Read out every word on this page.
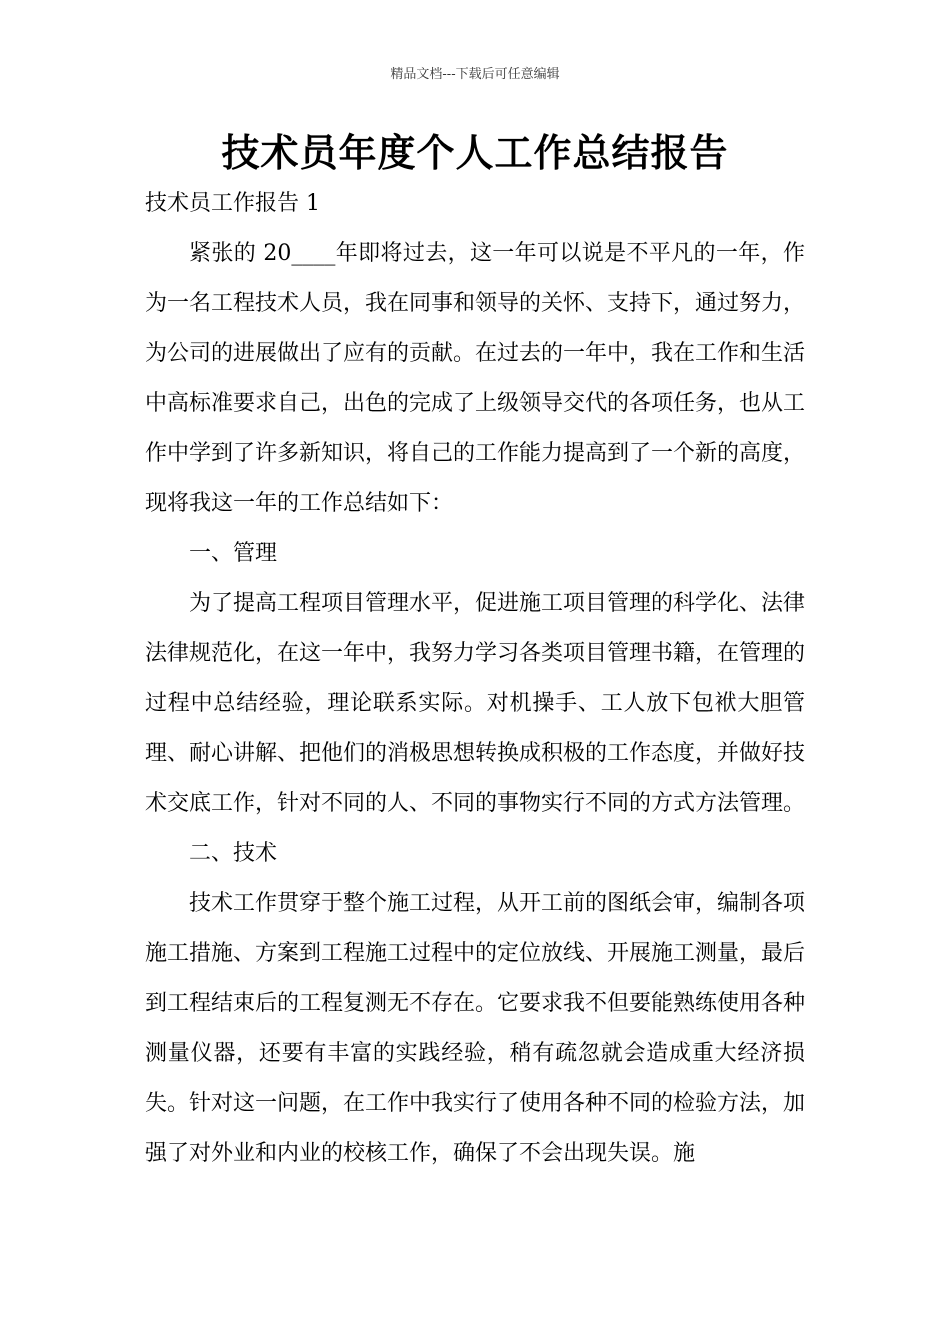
精品文档---下载后可任意编辑
技术员年度个人工作总结报告

技术员工作报告 1

紧张的 20____年即将过去，这一年可以说是不平凡的一年，作为一名工程技术人员，我在同事和领导的关怀、支持下，通过努力，为公司的进展做出了应有的贡献。在过去的一年中，我在工作和生活中高标准要求自己，出色的完成了上级领导交代的各项任务，也从工作中学到了许多新知识，将自己的工作能力提高到了一个新的高度，现将我这一年的工作总结如下：

一、管理

为了提高工程项目管理水平，促进施工项目管理的科学化、法律法律规范化，在这一年中，我努力学习各类项目管理书籍，在管理的过程中总结经验，理论联系实际。对机操手、工人放下包袱大胆管理、耐心讲解、把他们的消极思想转换成积极的工作态度，并做好技术交底工作，针对不同的人、不同的事物实行不同的方式方法管理。

二、技术

技术工作贯穿于整个施工过程，从开工前的图纸会审，编制各项施工措施、方案到工程施工过程中的定位放线、开展施工测量，最后到工程结束后的工程复测无不存在。它要求我不但要能熟练使用各种测量仪器，还要有丰富的实践经验，稍有疏忽就会造成重大经济损失。针对这一问题，在工作中我实行了使用各种不同的检验方法，加强了对外业和内业的校核工作，确保了不会出现失误。施
